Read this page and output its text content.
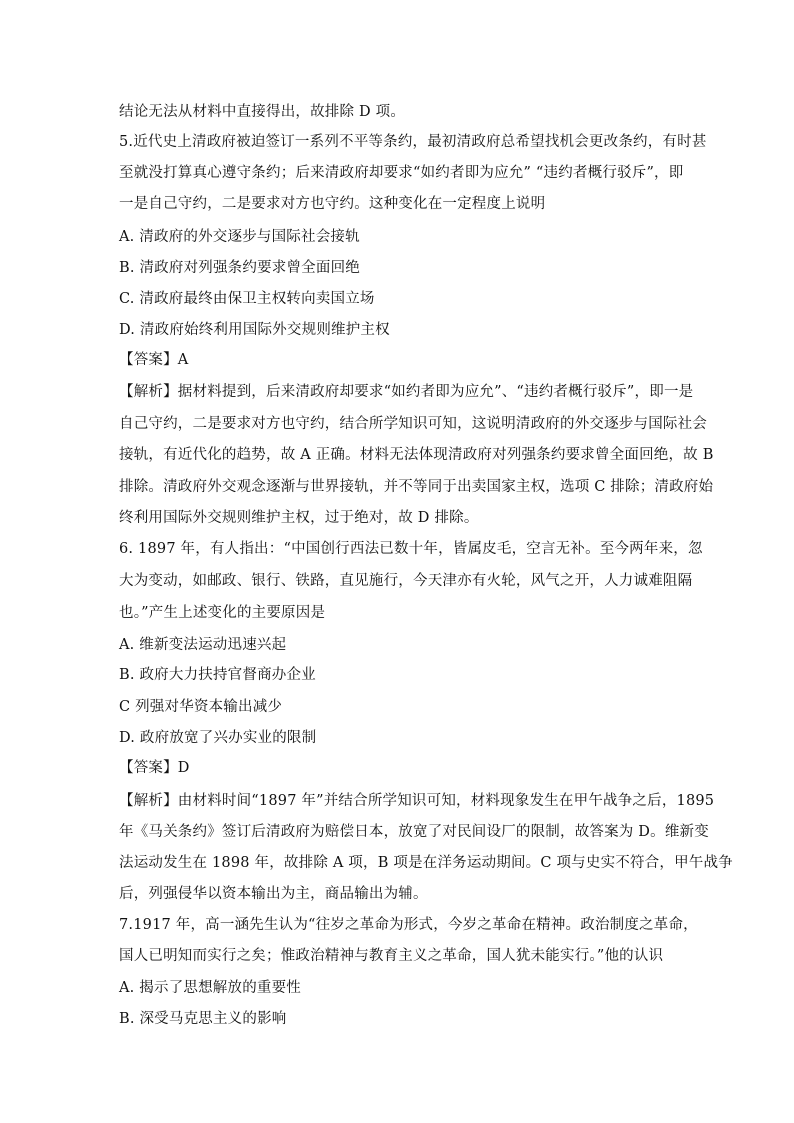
结论无法从材料中直接得出，故排除 D 项。
5.近代史上清政府被迫签订一系列不平等条约，最初清政府总希望找机会更改条约，有时甚
至就没打算真心遵守条约；后来清政府却要求“如约者即为应允” “违约者概行驳斥”，即
一是自己守约，二是要求对方也守约。这种变化在一定程度上说明
A. 清政府的外交逐步与国际社会接轨
B. 清政府对列强条约要求曾全面回绝
C. 清政府最终由保卫主权转向卖国立场
D. 清政府始终利用国际外交规则维护主权
【答案】A
【解析】据材料提到，后来清政府却要求“如约者即为应允”、“违约者概行驳斥”，即一是
自己守约，二是要求对方也守约，结合所学知识可知，这说明清政府的外交逐步与国际社会
接轨，有近代化的趋势，故 A 正确。材料无法体现清政府对列强条约要求曾全面回绝，故 B
排除。清政府外交观念逐渐与世界接轨，并不等同于出卖国家主权，选项 C 排除；清政府始
终利用国际外交规则维护主权，过于绝对，故 D 排除。
6. 1897 年，有人指出：“中国创行西法已数十年，皆属皮毛，空言无补。至今两年来，忽
大为变动，如邮政、银行、铁路，直见施行，今天津亦有火轮，风气之开，人力诚难阻隔
也。”产生上述变化的主要原因是
A. 维新变法运动迅速兴起
B. 政府大力扶持官督商办企业
C 列强对华资本输出减少
D. 政府放宽了兴办实业的限制
【答案】D
【解析】由材料时间“1897 年”并结合所学知识可知，材料现象发生在甲午战争之后，1895
年《马关条约》签订后清政府为赔偿日本，放宽了对民间设厂的限制，故答案为 D。维新变
法运动发生在 1898 年，故排除 A 项，B 项是在洋务运动期间。C 项与史实不符合，甲午战争
后，列强侵华以资本输出为主，商品输出为辅。
7.1917 年，高一涵先生认为“往岁之革命为形式，今岁之革命在精神。政治制度之革命，
国人已明知而实行之矣；惟政治精神与教育主义之革命，国人犹未能实行。”他的认识
A. 揭示了思想解放的重要性
B. 深受马克思主义的影响
